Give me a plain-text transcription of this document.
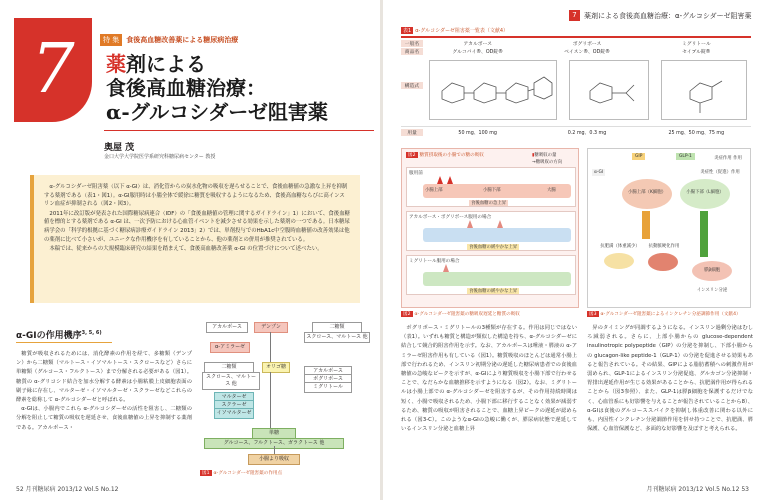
7	特 集	食後高血糖改善薬による糖尿病治療
薬剤による
食後高血糖治療：
α-グルコシダーゼ阻害薬
奥屋 茂
金口大学大学院医学系研究科糖尿病センター 教授

α-グルコシダーゼ阻害薬（以下 α-GI）は、消化管からの炭水化物の吸収を遅らせることで、食後血糖値の急激な上昇を抑制する薬剤である（表1・図1）。α-GI服用時は小腸全体で緩徐に糖質を吸収するようになるため、食後高血糖ならびに高インスリン血症が抑制される（図2・図3）。

2011年に改訂版が発表された国際糖尿病連合（IDF）の「食後血糖値の管理に関するガイドライン」1）において、食後血糖値を標的とする薬剤である α-GI は、一次予防における心血管イベントを減少させる効果を示した薬剤の一つである。日本糖尿病学会の「科学的根拠に基づく糖尿病診療ガイドライン 2013」2）では、単剤投与でのHbA1c中空腹時血糖値の改善効果は他の薬剤に比べて小さいが、ユニークな作用機序を有していることから、他の薬剤との併用が推奨されている。

本稿では、従来からの大規模臨床研究の結果を踏まえて、食後高血糖改善薬 α-GI の位置づけについて述べたい。

α-GIの作用機序$^{3, 5, 6)}$

糖質が吸収されるためには、消化酵素の作用を経て、多糖類（デンプン）から二糖類（マルトース・イソマルトース・スクロースなど）さらに単糖類（グルコース・フルクトース）まで分解される必要がある（図1）。糖質の α-グリコシド結合を加水分解する酵素は小腸粘膜上皮細胞表面の刷子縁に存在し、マルターゼ・イソマルターゼ・スクラーゼなどこれらの酵素を総称して α-グルコシダーゼと呼ばれる。

α-GIは、小腸内でこれら α-グルコシダーゼの活性を阻害し、二糖類の分解を阻止して糖質の吸収を遅延させ、食後血糖値の上昇を抑制する薬剤である。アカルボース・

アカルボース	デンプン	二糖類
スクロース、マルトース 他
α-アミラーゼ
オリゴ糖
二糖類
スクロース、マルトース 他
マルターゼ
スクラーゼ
イソマルターゼ
アカルボース
ボグリボース
ミグリトール
単糖
グルコース、フルクトース、ガラクトース 他
小腸より吸収
図1 α-グルコシダーゼ阻害薬の作用点
52 月刊糖尿病 2013/12 Vol.5 No.12
7	薬剤による食後高血糖治療：α-グルコシダーゼ阻害薬
表1 α-グルコシダーゼ阻害薬一覧表（文献4）
一般名	アカルボース	ボグリボース	ミグリトール
商品名	グルコバイ®、OD錠®	ベイスン®、OD錠®	セイブル錠®
構造式
用量	50 mg、100 mg	0.2 mg、0.3 mg	25 mg、50 mg、75 mg
図2 糖質摂取後の小腸での糖の吸収	▮糖吸収の量
→糖吸収の方向
服用前
小腸上部	小腸下部	大腸
食後血糖の急上昇
アカルボース・ボグリボース服用の場合
食後血糖の緩やかな上昇
ミグリトール服用の場合
食後血糖の緩やかな上昇
図2 α-グルコシダーゼ阻害薬の糖吸収遅延と糖質の吸収
GIP	GLP-1	炎症作用 作用
α-GI
小腸上部（K細胞）	小腸下部（L細胞）
抗肥満（体重減少）	抗動脈硬化作用
膵β細胞
インスリン分泌
炎症性（促進）作用
図3 α-グルコシダーゼ阻害薬によるインクレチン分泌調節作用（文献4）

ボグリボース・ミグリトールの3種類が存在する。作用は同じではない（表1）。いずれも糖質と構造が類似した構造を持ち、α-グルコシダーゼに結合して競合的阻害作用を示す。なお、アカルボースは唾液・膵液の α-アミラーゼ阻害作用も有している（図1）。糖質吸収のほとんどは通常小腸上部で行われるため、インスリン初期分泌の遅延した糖尿病患者での食後血糖値の急峻なピークを示すが、α-GIにより糖質吸収を小腸下部で行わせることで、なだらかな血糖推移を示すようになる（図2）。なお、ミグリトールは小腸上部での α-グルコシダーゼを阻害するが、その作用持続時間は短く、小腸で吸収されるため、小腸下部に移行することなく効果が減弱するため、糖質の吸収が阻害されることで、血糖上昇ピークの遅延が認められる（図3-C）。このようなα-GIの急峻に働くが、膵尿病状態で遅延しているインスリン分泌と血糖上昇

昇のタイミングが同調するようになる。インスリン過剰分泌はむしろ減弱される。さらに、上部小腸からの glucose-dependent insulinotropic polypeptide（GIP）の分泌を抑制し、下部小腸からの glucagon-like peptide-1（GLP-1）の分泌を促進させる効果もあると報告されている。その結果、GIPによる脂肪蓄積への刺激作用が弱められ、GLP-1によるインスリン分泌促進、グルカゴン分泌抑制・胃排出遅延作用が生じる効果があることから、抗肥満作用が得られることから（図3参照）、また、GLP-1は膵β細胞を保護するだけでなく、心血管系にも好影響を与えることが報告されていることから8）、α-GIは食後のグルコーススパイクを抑制し体重改善に関わる以外にも、内因性インクレチン分泌調節作用を併せ持つことで、抗肥満、膵保護、心血管保護など、多面的な好影響を及ぼすと考えられる。

月刊糖尿病 2013/12 Vol.5 No.12 53
